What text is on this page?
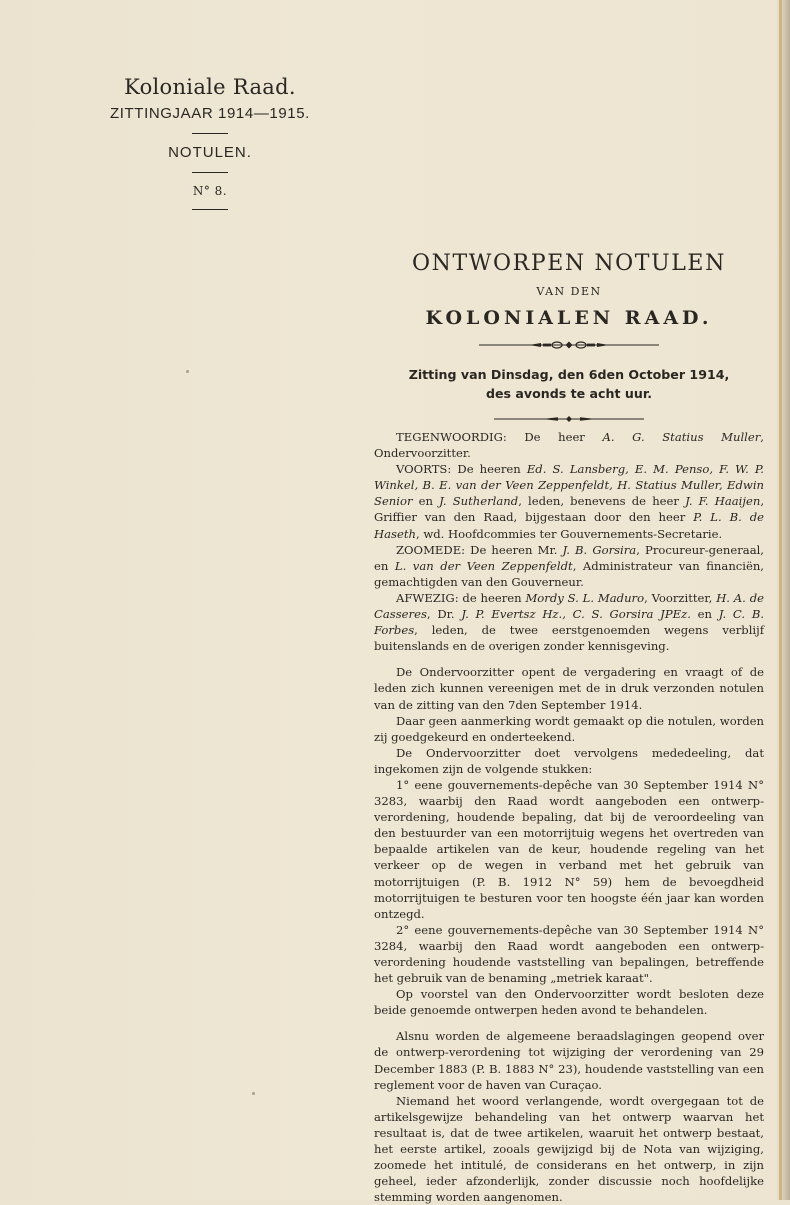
Koloniale Raad.
ZITTINGJAAR 1914—1915.
NOTULEN.
N° 8.
ONTWORPEN NOTULEN
VAN DEN
KOLONIALEN RAAD.
Zitting van Dinsdag, den 6den October 1914,
des avonds te acht uur.

TEGENWOORDIG: De heer A. G. Statius Muller, Ondervoorzitter.

VOORTS: De heeren Ed. S. Lansberg, E. M. Penso, F. W. P. Winkel, B. E. van der Veen Zeppenfeldt, H. Statius Muller, Edwin Senior en J. Sutherland, leden, benevens de heer J. F. Haaijen, Griffier van den Raad, bijgestaan door den heer P. L. B. de Haseth, wd. Hoofdcommies ter Gouvernements-Secretarie.

ZOOMEDE: De heeren Mr. J. B. Gorsira, Procureur-generaal, en L. van der Veen Zeppenfeldt, Administrateur van financiën, gemachtigden van den Gouverneur.

AFWEZIG: de heeren Mordy S. L. Maduro, Voorzitter, H. A. de Casseres, Dr. J. P. Evertsz Hz., C. S. Gorsira JPEz. en J. C. B. Forbes, leden, de twee eerstgenoemden wegens verblijf buitenslands en de overigen zonder kennisgeving.

De Ondervoorzitter opent de vergadering en vraagt of de leden zich kunnen vereenigen met de in druk verzonden notulen van de zitting van den 7den September 1914.

Daar geen aanmerking wordt gemaakt op die notulen, worden zij goedgekeurd en onderteekend.

De Ondervoorzitter doet vervolgens mededeeling, dat ingekomen zijn de volgende stukken:

1° eene gouvernements-depêche van 30 September 1914 N° 3283, waarbij den Raad wordt aangeboden een ontwerp-verordening, houdende bepaling, dat bij de veroordeeling van den bestuurder van een motorrijtuig wegens het overtreden van bepaalde artikelen van de keur, houdende regeling van het verkeer op de wegen in verband met het gebruik van motorrijtuigen (P. B. 1912 N° 59) hem de bevoegdheid motorrijtuigen te besturen voor ten hoogste één jaar kan worden ontzegd.

2° eene gouvernements-depêche van 30 September 1914 N° 3284, waarbij den Raad wordt aangeboden een ontwerp-verordening houdende vaststelling van bepalingen, betreffende het gebruik van de benaming „metriek karaat".

Op voorstel van den Ondervoorzitter wordt besloten deze beide genoemde ontwerpen heden avond te behandelen.

Alsnu worden de algemeene beraadslagingen geopend over de ontwerp-verordening tot wijziging der verordening van 29 December 1883 (P. B. 1883 N° 23), houdende vaststelling van een reglement voor de haven van Curaçao.

Niemand het woord verlangende, wordt overgegaan tot de artikelsgewijze behandeling van het ontwerp waarvan het resultaat is, dat de twee artikelen, waaruit het ontwerp bestaat, het eerste artikel, zooals gewijzigd bij de Nota van wijziging, zoomede het intitulé, de considerans en het ontwerp, in zijn geheel, ieder afzonderlijk, zonder discussie noch hoofdelijke stemming worden aangenomen.
